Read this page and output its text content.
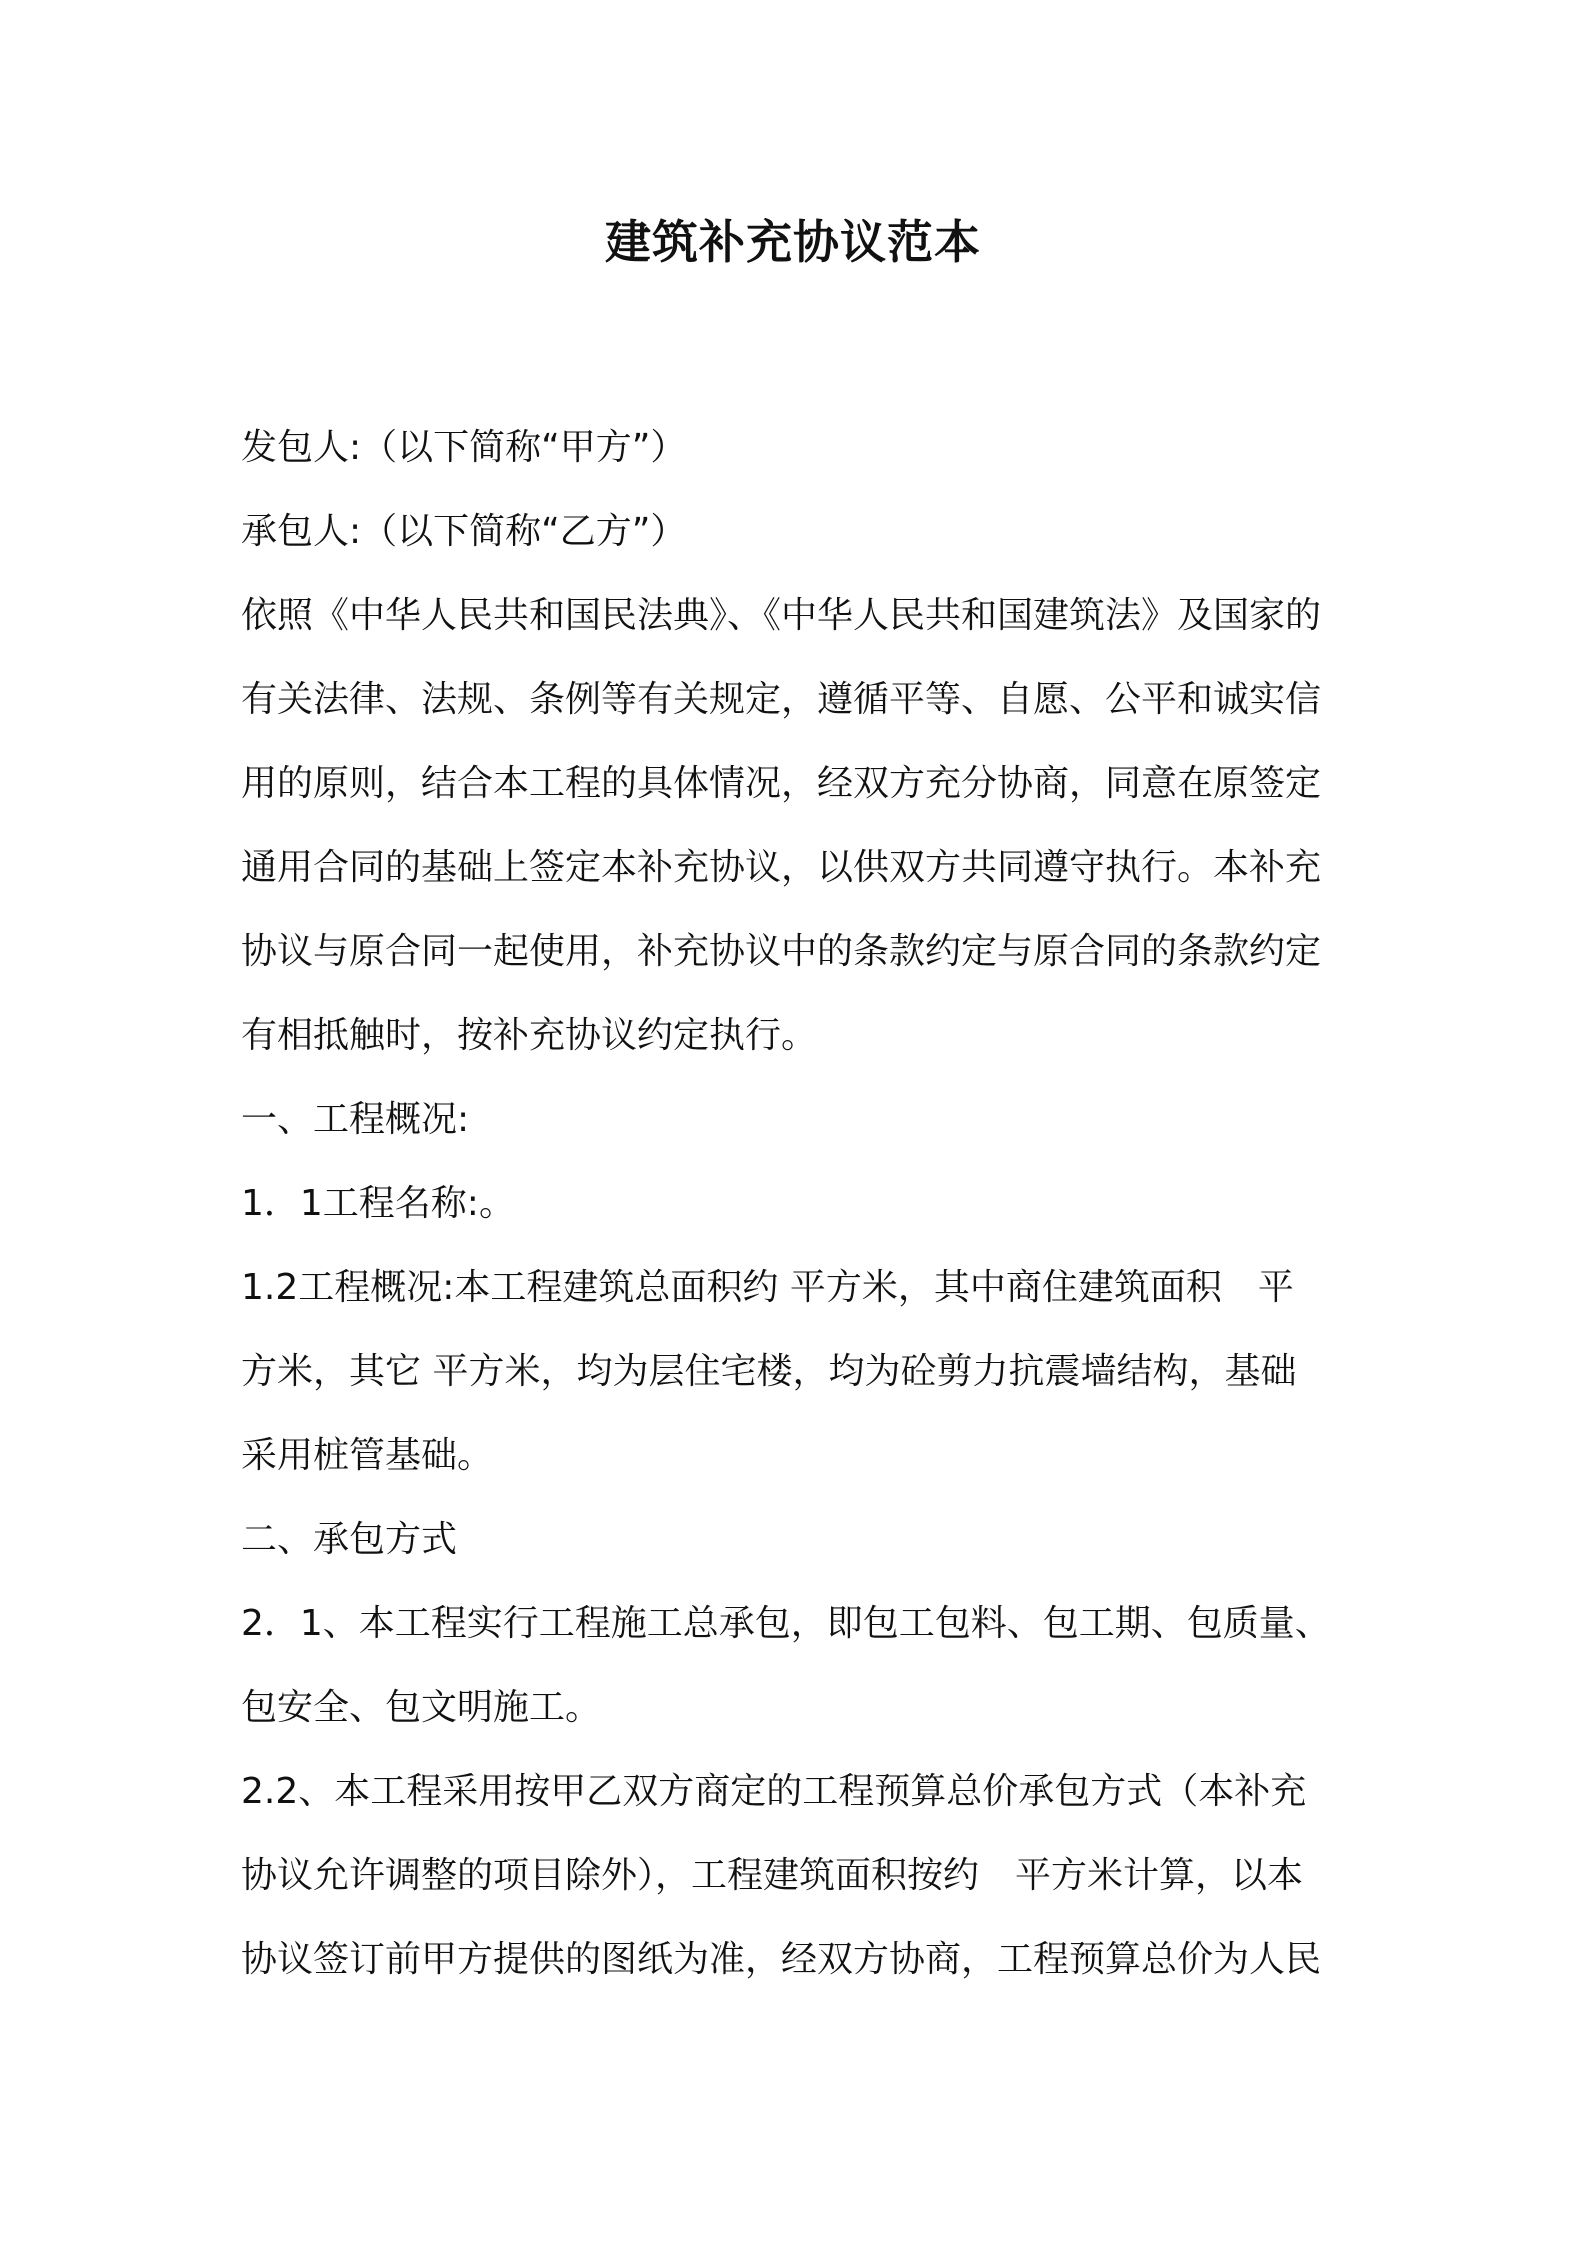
建筑补充协议范本
发包人:（以下简称“甲方”）
承包人:（以下简称“乙方”）
依照《中华人民共和国民法典》、《中华人民共和国建筑法》及国家的
有关法律、法规、条例等有关规定，遵循平等、自愿、公平和诚实信
用的原则，结合本工程的具体情况，经双方充分协商，同意在原签定
通用合同的基础上签定本补充协议，以供双方共同遵守执行。本补充
协议与原合同一起使用，补充协议中的条款约定与原合同的条款约定
有相抵触时，按补充协议约定执行。
一、工程概况:
1．1工程名称:。
1.2工程概况:本工程建筑总面积约 平方米，其中商住建筑面积　平
方米，其它 平方米，均为层住宅楼，均为砼剪力抗震墙结构，基础
采用桩管基础。
二、承包方式
2．1、本工程实行工程施工总承包，即包工包料、包工期、包质量、
包安全、包文明施工。
2.2、本工程采用按甲乙双方商定的工程预算总价承包方式（本补充
协议允许调整的项目除外），工程建筑面积按约　平方米计算，以本
协议签订前甲方提供的图纸为准，经双方协商，工程预算总价为人民
